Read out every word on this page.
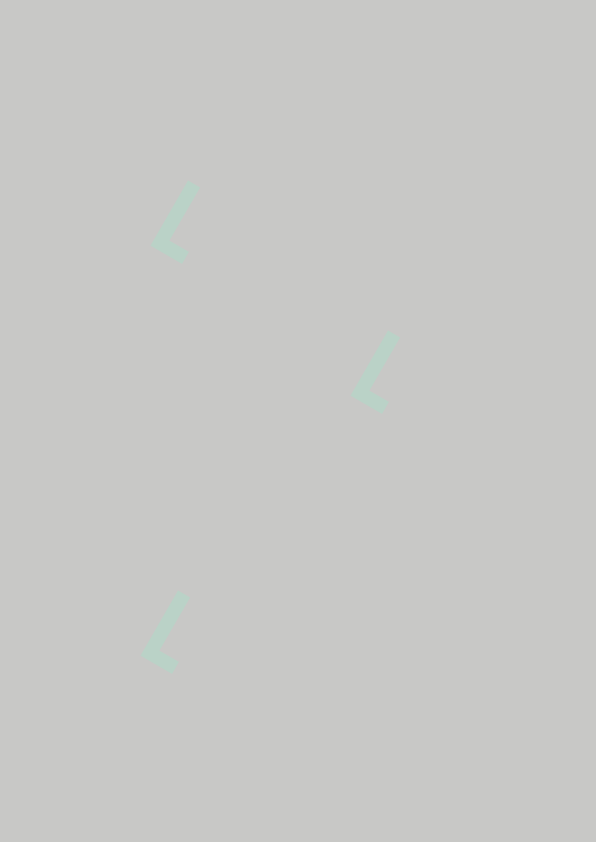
⌐
⌐
⌐
